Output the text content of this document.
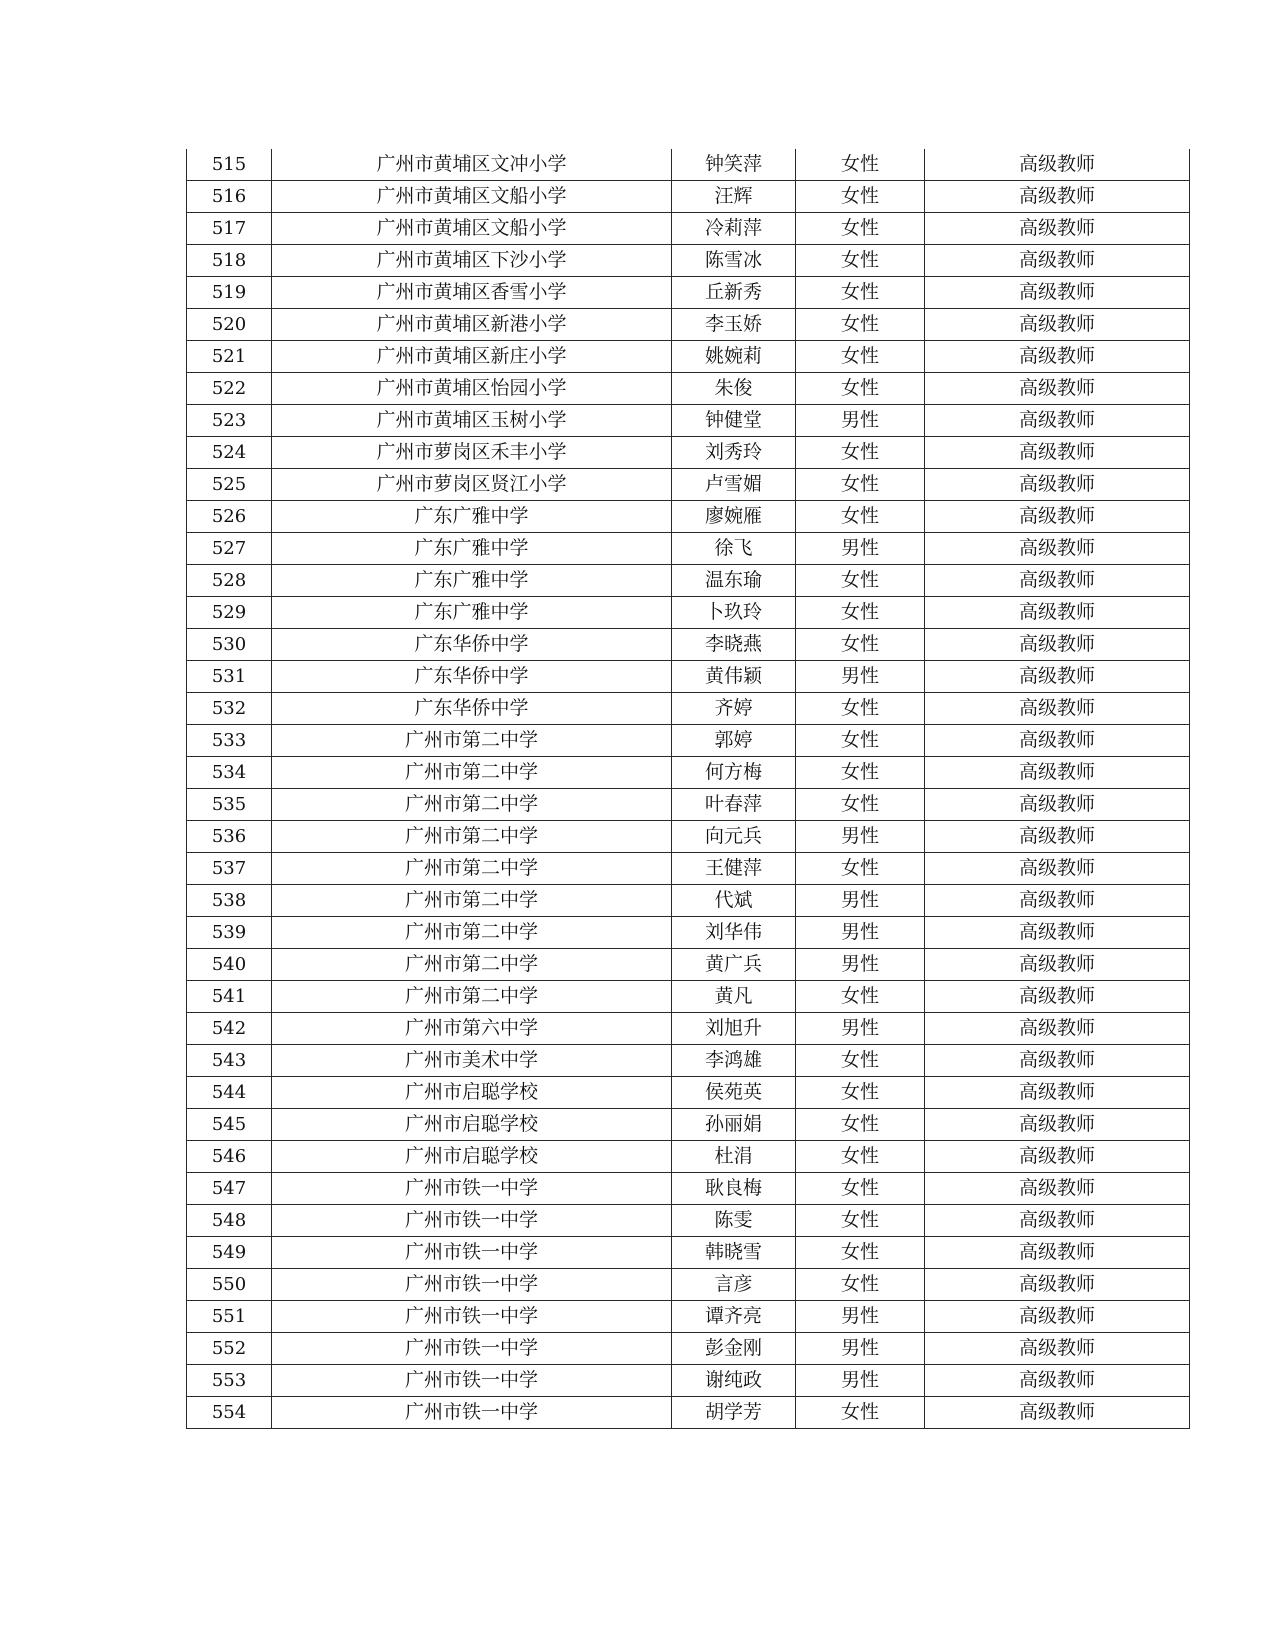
515	广州市黄埔区文冲小学	钟笑萍	女性	高级教师
516	广州市黄埔区文船小学	汪辉	女性	高级教师
517	广州市黄埔区文船小学	冷莉萍	女性	高级教师
518	广州市黄埔区下沙小学	陈雪冰	女性	高级教师
519	广州市黄埔区香雪小学	丘新秀	女性	高级教师
520	广州市黄埔区新港小学	李玉娇	女性	高级教师
521	广州市黄埔区新庄小学	姚婉莉	女性	高级教师
522	广州市黄埔区怡园小学	朱俊	女性	高级教师
523	广州市黄埔区玉树小学	钟健堂	男性	高级教师
524	广州市萝岗区禾丰小学	刘秀玲	女性	高级教师
525	广州市萝岗区贤江小学	卢雪媚	女性	高级教师
526	广东广雅中学	廖婉雁	女性	高级教师
527	广东广雅中学	徐飞	男性	高级教师
528	广东广雅中学	温东瑜	女性	高级教师
529	广东广雅中学	卜玖玲	女性	高级教师
530	广东华侨中学	李晓燕	女性	高级教师
531	广东华侨中学	黄伟颖	男性	高级教师
532	广东华侨中学	齐婷	女性	高级教师
533	广州市第二中学	郭婷	女性	高级教师
534	广州市第二中学	何方梅	女性	高级教师
535	广州市第二中学	叶春萍	女性	高级教师
536	广州市第二中学	向元兵	男性	高级教师
537	广州市第二中学	王健萍	女性	高级教师
538	广州市第二中学	代斌	男性	高级教师
539	广州市第二中学	刘华伟	男性	高级教师
540	广州市第二中学	黄广兵	男性	高级教师
541	广州市第二中学	黄凡	女性	高级教师
542	广州市第六中学	刘旭升	男性	高级教师
543	广州市美术中学	李鸿雄	女性	高级教师
544	广州市启聪学校	侯苑英	女性	高级教师
545	广州市启聪学校	孙丽娟	女性	高级教师
546	广州市启聪学校	杜涓	女性	高级教师
547	广州市铁一中学	耿良梅	女性	高级教师
548	广州市铁一中学	陈雯	女性	高级教师
549	广州市铁一中学	韩晓雪	女性	高级教师
550	广州市铁一中学	言彦	女性	高级教师
551	广州市铁一中学	谭齐亮	男性	高级教师
552	广州市铁一中学	彭金刚	男性	高级教师
553	广州市铁一中学	谢纯政	男性	高级教师
554	广州市铁一中学	胡学芳	女性	高级教师
